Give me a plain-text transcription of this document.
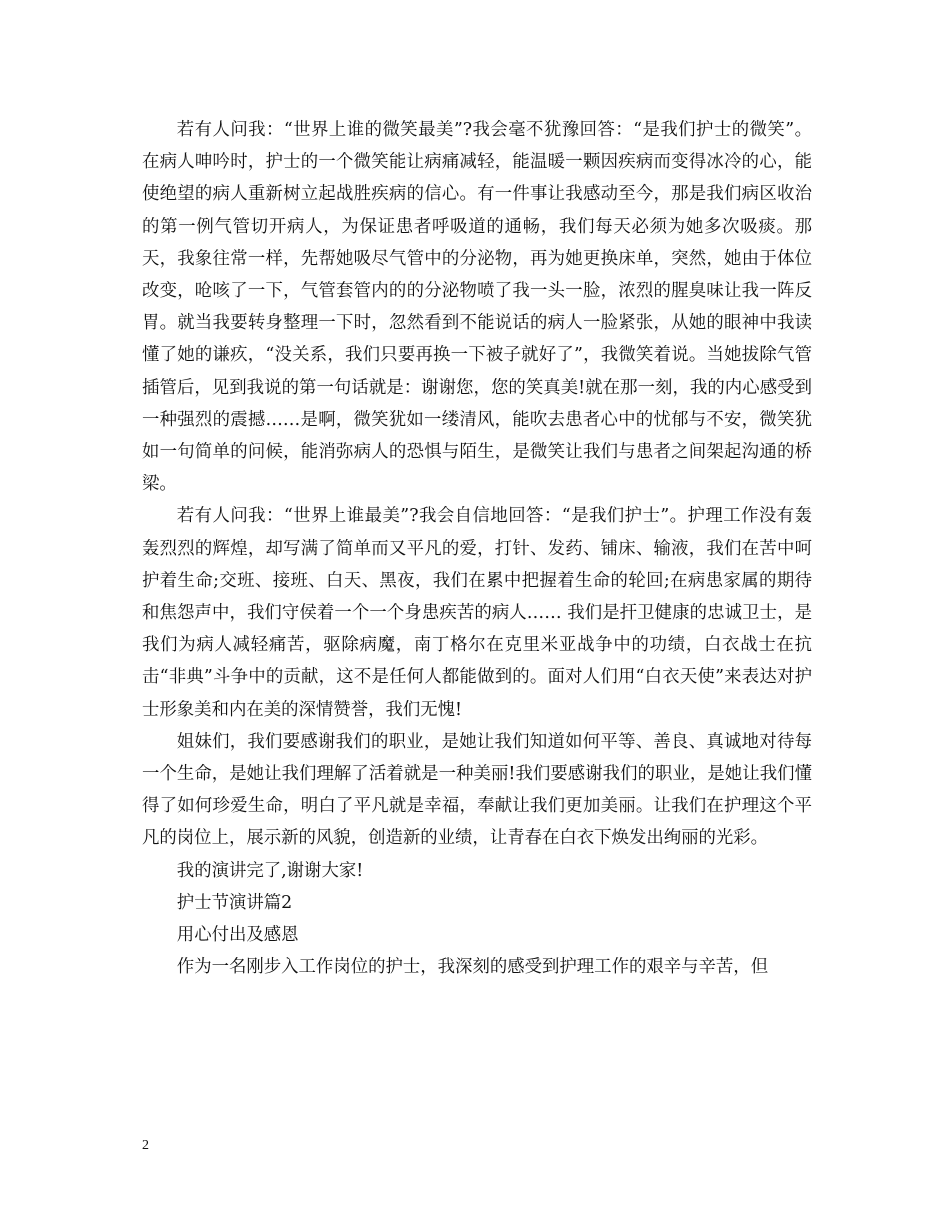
若有人问我：“世界上谁的微笑最美”?我会毫不犹豫回答：“是我们护士的微笑”。在病人呻吟时，护士的一个微笑能让病痛减轻，能温暖一颗因疾病而变得冰冷的心，能使绝望的病人重新树立起战胜疾病的信心。有一件事让我感动至今，那是我们病区收治的第一例气管切开病人，为保证患者呼吸道的通畅，我们每天必须为她多次吸痰。那天，我象往常一样，先帮她吸尽气管中的分泌物，再为她更换床单，突然，她由于体位改变，呛咳了一下，气管套管内的的分泌物喷了我一头一脸，浓烈的腥臭味让我一阵反胃。就当我要转身整理一下时，忽然看到不能说话的病人一脸紧张，从她的眼神中我读懂了她的谦疚，“没关系，我们只要再换一下被子就好了”，我微笑着说。当她拔除气管插管后，见到我说的第一句话就是：谢谢您，您的笑真美!就在那一刻，我的内心感受到一种强烈的震撼……是啊，微笑犹如一缕清风，能吹去患者心中的忧郁与不安，微笑犹如一句简单的问候，能消弥病人的恐惧与陌生，是微笑让我们与患者之间架起沟通的桥梁。

若有人问我：“世界上谁最美”?我会自信地回答：“是我们护士”。护理工作没有轰轰烈烈的辉煌，却写满了简单而又平凡的爱，打针、发药、铺床、输液，我们在苦中呵护着生命;交班、接班、白天、黑夜，我们在累中把握着生命的轮回;在病患家属的期待和焦怨声中，我们守侯着一个一个身患疾苦的病人…… 我们是扞卫健康的忠诚卫士，是我们为病人减轻痛苦，驱除病魔，南丁格尔在克里米亚战争中的功绩，白衣战士在抗击“非典”斗争中的贡献，这不是任何人都能做到的。面对人们用“白衣天使”来表达对护士形象美和内在美的深情赞誉，我们无愧!

姐妹们，我们要感谢我们的职业，是她让我们知道如何平等、善良、真诚地对待每一个生命，是她让我们理解了活着就是一种美丽!我们要感谢我们的职业，是她让我们懂得了如何珍爱生命，明白了平凡就是幸福，奉献让我们更加美丽。让我们在护理这个平凡的岗位上，展示新的风貌，创造新的业绩，让青春在白衣下焕发出绚丽的光彩。

我的演讲完了,谢谢大家!

护士节演讲篇2

用心付出及感恩

作为一名刚步入工作岗位的护士，我深刻的感受到护理工作的艰辛与辛苦，但

2
